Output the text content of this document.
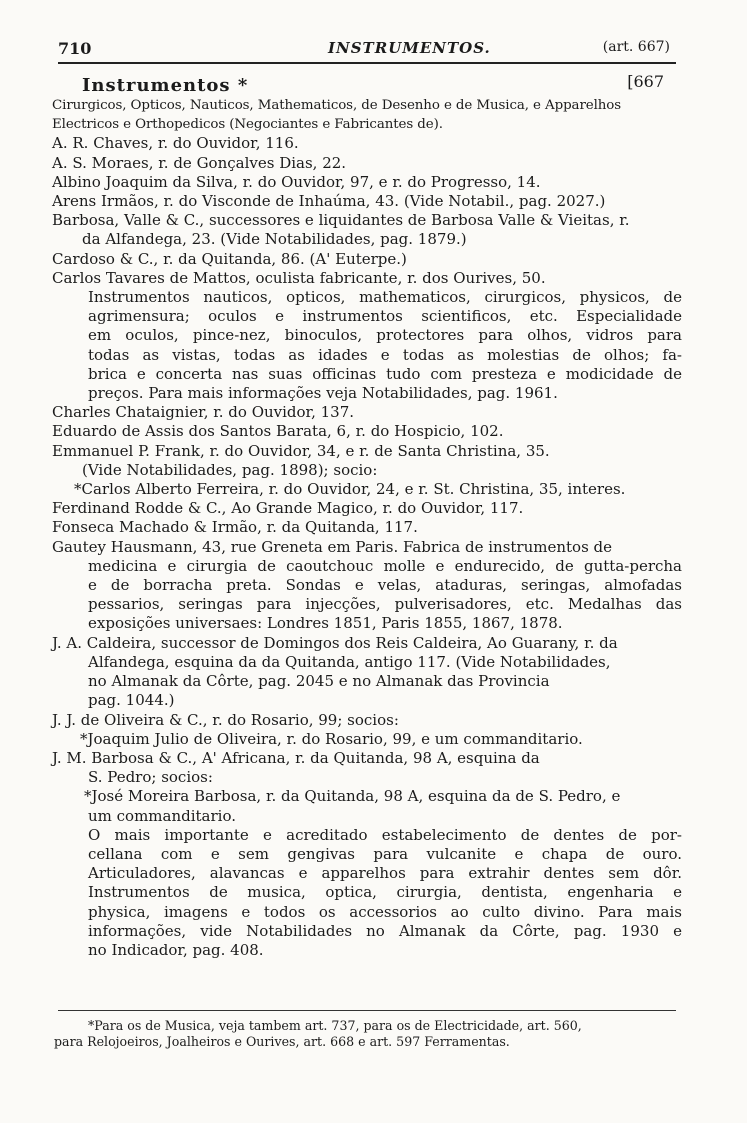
710	INSTRUMENTOS.	(art. 667)
Instrumentos *	[667
Cirurgicos, Opticos, Nauticos, Mathematicos, de Desenho e de Musica, e Apparelhos
Electricos e Orthopedicos (Negociantes e Fabricantes de).
A. R. Chaves, r. do Ouvidor, 116.
A. S. Moraes, r. de Gonçalves Dias, 22.
Albino Joaquim da Silva, r. do Ouvidor, 97, e r. do Progresso, 14.
Arens Irmãos, r. do Visconde de Inhaúma, 43. (Vide Notabil., pag. 2027.)
Barbosa, Valle & C., successores e liquidantes de Barbosa Valle & Vieitas, r.
da Alfandega, 23. (Vide Notabilidades, pag. 1879.)
Cardoso & C., r. da Quitanda, 86. (A' Euterpe.)
Carlos Tavares de Mattos, oculista fabricante, r. dos Ourives, 50.
Instrumentos nauticos, opticos, mathematicos, cirurgicos, physicos, de
agrimensura; oculos e instrumentos scientificos, etc. Especialidade
em oculos, pince-nez, binoculos, protectores para olhos, vidros para
todas as vistas, todas as idades e todas as molestias de olhos; fa-
brica e concerta nas suas officinas tudo com presteza e modicidade de
preços. Para mais informações veja Notabilidades, pag. 1961.
Charles Chataignier, r. do Ouvidor, 137.
Eduardo de Assis dos Santos Barata, 6, r. do Hospicio, 102.
Emmanuel P. Frank, r. do Ouvidor, 34, e r. de Santa Christina, 35.
(Vide Notabilidades, pag. 1898); socio:
*Carlos Alberto Ferreira, r. do Ouvidor, 24, e r. St. Christina, 35, interes.
Ferdinand Rodde & C., Ao Grande Magico, r. do Ouvidor, 117.
Fonseca Machado & Irmão, r. da Quitanda, 117.
Gautey Hausmann, 43, rue Greneta em Paris. Fabrica de instrumentos de
medicina e cirurgia de caoutchouc molle e endurecido, de gutta-percha
e de borracha preta. Sondas e velas, ataduras, seringas, almofadas
pessarios, seringas para injecções, pulverisadores, etc. Medalhas das
exposições universaes: Londres 1851, Paris 1855, 1867, 1878.
J. A. Caldeira, successor de Domingos dos Reis Caldeira, Ao Guarany, r. da
Alfandega, esquina da da Quitanda, antigo 117. (Vide Notabilidades,
no Almanak da Côrte, pag. 2045 e no Almanak das Provincia
pag. 1044.)
J. J. de Oliveira & C., r. do Rosario, 99; socios:
*Joaquim Julio de Oliveira, r. do Rosario, 99, e um commanditario.
J. M. Barbosa & C., A' Africana, r. da Quitanda, 98 A, esquina da
S. Pedro; socios:
*José Moreira Barbosa, r. da Quitanda, 98 A, esquina da de S. Pedro, e
um commanditario.
O mais importante e acreditado estabelecimento de dentes de por-
cellana com e sem gengivas para vulcanite e chapa de ouro.
Articuladores, alavancas e apparelhos para extrahir dentes sem dôr.
Instrumentos de musica, optica, cirurgia, dentista, engenharia e
physica, imagens e todos os accessorios ao culto divino. Para mais
informações, vide Notabilidades no Almanak da Côrte, pag. 1930 e
no Indicador, pag. 408.
*Para os de Musica, veja tambem art. 737, para os de Electricidade, art. 560,
para Relojoeiros, Joalheiros e Ourives, art. 668 e art. 597 Ferramentas.
